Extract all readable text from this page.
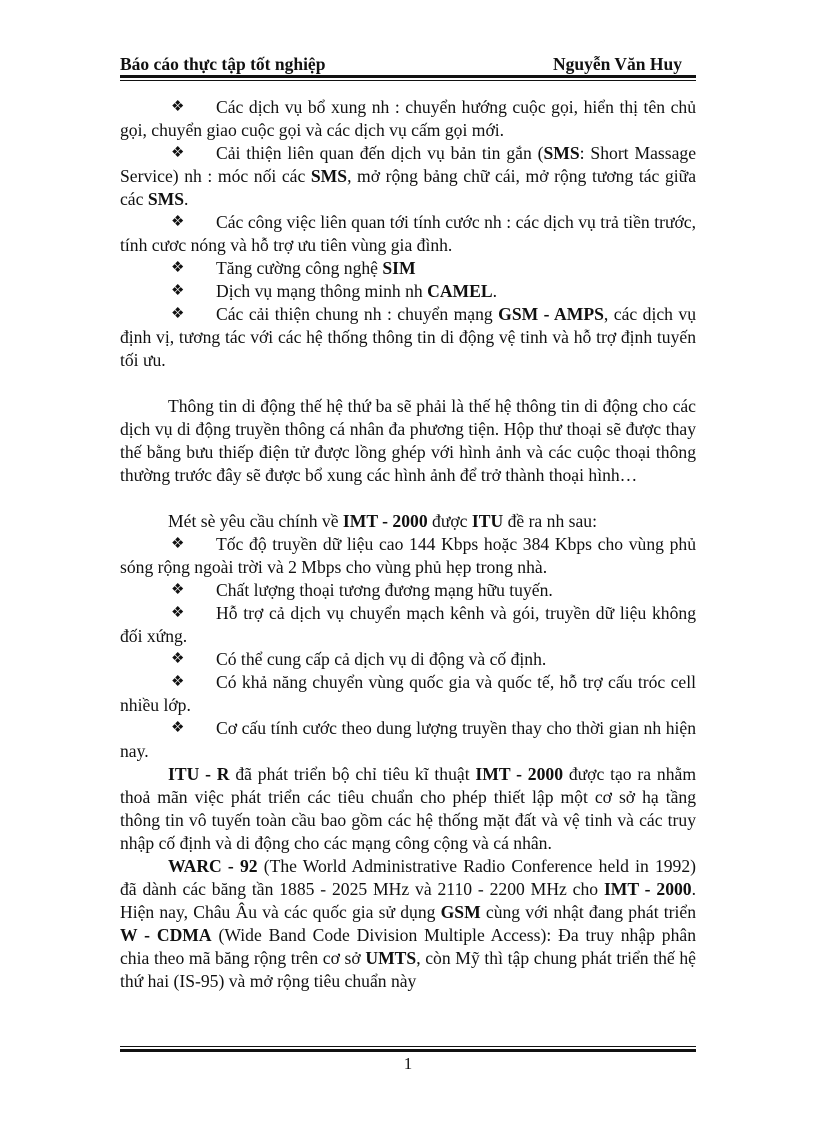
Báo cáo thực tập tốt nghiệp	Nguyễn Văn Huy

❖ Các dịch vụ bổ xung nh : chuyển hướng cuộc gọi, hiển thị tên chủ gọi, chuyển giao cuộc gọi và các dịch vụ cấm gọi mới.

❖ Cải thiện liên quan đến dịch vụ bản tin gắn (SMS: Short Massage Service) nh : móc nối các SMS, mở rộng bảng chữ cái, mở rộng tương tác giữa các SMS.

❖ Các công việc liên quan tới tính cước nh : các dịch vụ trả tiền trước, tính cươc nóng và hỗ trợ ưu tiên vùng gia đình.

❖ Tăng cường công nghệ SIM

❖ Dịch vụ mạng thông minh nh CAMEL.

❖ Các cải thiện chung nh : chuyển mạng GSM - AMPS, các dịch vụ định vị, tương tác với các hệ thống thông tin di động vệ tinh và hỗ trợ định tuyến tối ưu.

Thông tin di động thế hệ thứ ba sẽ phải là thế hệ thông tin di động cho các dịch vụ di động truyền thông cá nhân đa phương tiện. Hộp thư thoại sẽ được thay thế bằng bưu thiếp điện tử được lồng ghép với hình ảnh và các cuộc thoại thông thường trước đây sẽ được bổ xung các hình ảnh để trở thành thoại hình…

Mét sè yêu cầu chính về IMT - 2000 được ITU đề ra nh sau:

❖ Tốc độ truyền dữ liệu cao 144 Kbps hoặc 384 Kbps cho vùng phủ sóng rộng ngoài trời và 2 Mbps cho vùng phủ hẹp trong nhà.

❖ Chất lượng thoại tương đương mạng hữu tuyến.

❖ Hỗ trợ cả dịch vụ chuyển mạch kênh và gói, truyền dữ liệu không đối xứng.

❖ Có thể cung cấp cả dịch vụ di động và cố định.

❖ Có khả năng chuyển vùng quốc gia và quốc tế, hỗ trợ cấu tróc cell nhiều lớp.

❖ Cơ cấu tính cước theo dung lượng truyền thay cho thời gian nh hiện nay.

ITU - R đã phát triển bộ chỉ tiêu kĩ thuật IMT - 2000 được tạo ra nhằm thoả mãn việc phát triển các tiêu chuẩn cho phép thiết lập một cơ sở hạ tầng thông tin vô tuyến toàn cầu bao gồm các hệ thống mặt đất và vệ tinh và các truy nhập cố định và di động cho các mạng công cộng và cá nhân.

WARC - 92 (The World Administrative Radio Conference held in 1992) đã dành các băng tần 1885 - 2025 MHz và 2110 - 2200 MHz cho IMT - 2000. Hiện nay, Châu Âu và các quốc gia sử dụng GSM cùng với nhật đang phát triển W - CDMA (Wide Band Code Division Multiple Access): Đa truy nhập phân chia theo mã băng rộng trên cơ sở UMTS, còn Mỹ thì tập chung phát triển thế hệ thứ hai (IS-95) và mở rộng tiêu chuẩn này

1
